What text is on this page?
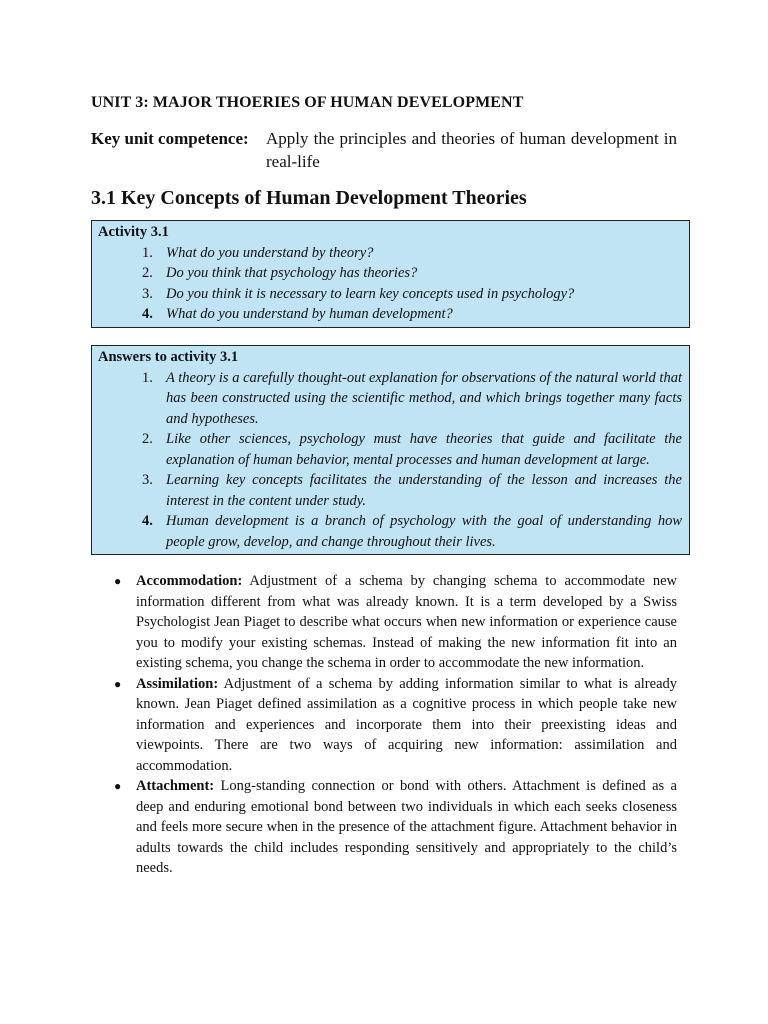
UNIT 3: MAJOR THOERIES OF HUMAN DEVELOPMENT
Key unit competence: Apply the principles and theories of human development in real-life
3.1 Key Concepts of Human Development Theories
Activity 3.1
1. What do you understand by theory?
2. Do you think that psychology has theories?
3. Do you think it is necessary to learn key concepts used in psychology?
4. What do you understand by human development?
Answers to activity 3.1
1. A theory is a carefully thought-out explanation for observations of the natural world that has been constructed using the scientific method, and which brings together many facts and hypotheses.
2. Like other sciences, psychology must have theories that guide and facilitate the explanation of human behavior, mental processes and human development at large.
3. Learning key concepts facilitates the understanding of the lesson and increases the interest in the content under study.
4. Human development is a branch of psychology with the goal of understanding how people grow, develop, and change throughout their lives.
● Accommodation: Adjustment of a schema by changing schema to accommodate new information different from what was already known. It is a term developed by a Swiss Psychologist Jean Piaget to describe what occurs when new information or experience cause you to modify your existing schemas. Instead of making the new information fit into an existing schema, you change the schema in order to accommodate the new information.
● Assimilation: Adjustment of a schema by adding information similar to what is already known. Jean Piaget defined assimilation as a cognitive process in which people take new information and experiences and incorporate them into their preexisting ideas and viewpoints. There are two ways of acquiring new information: assimilation and accommodation.
● Attachment: Long-standing connection or bond with others. Attachment is defined as a deep and enduring emotional bond between two individuals in which each seeks closeness and feels more secure when in the presence of the attachment figure. Attachment behavior in adults towards the child includes responding sensitively and appropriately to the child’s needs.
